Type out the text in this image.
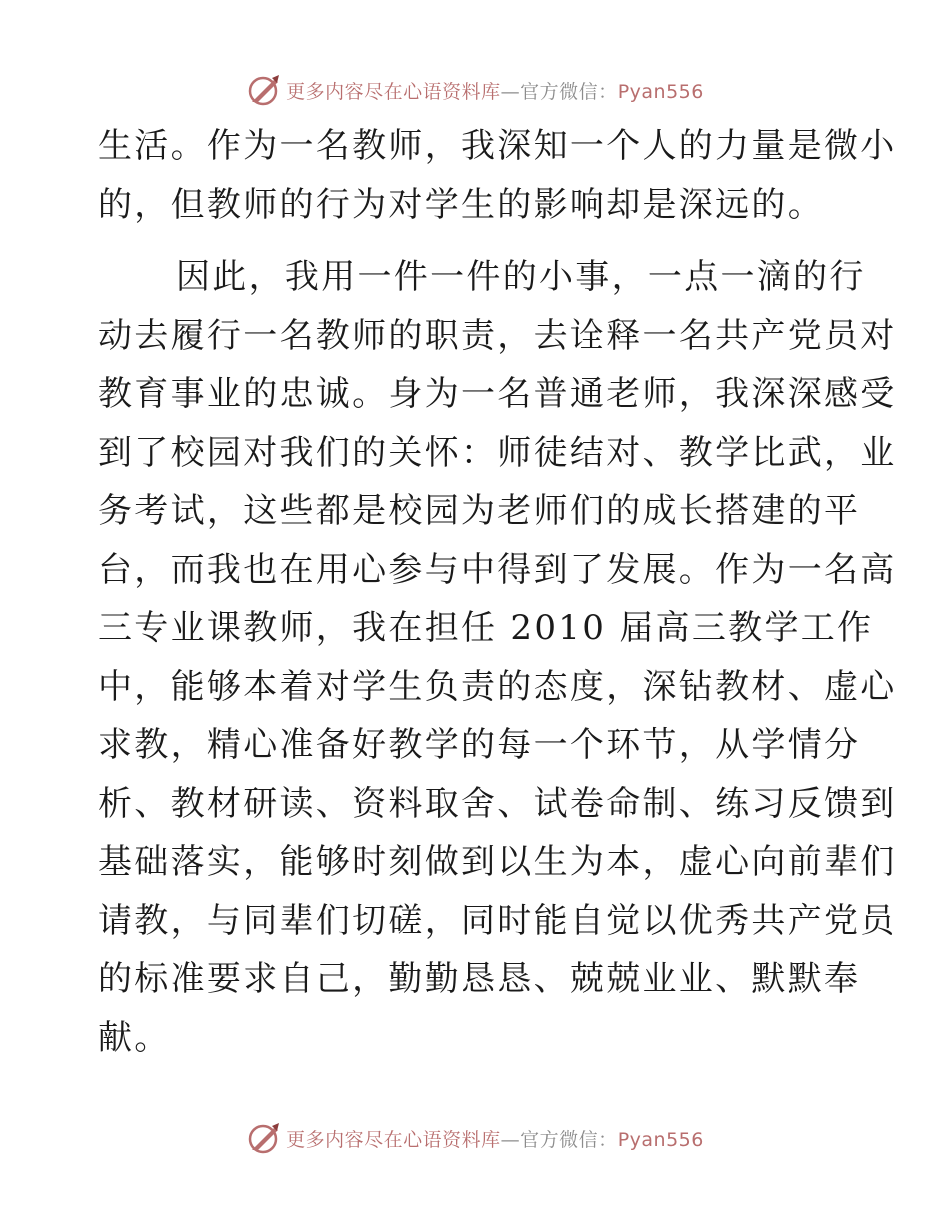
更多内容尽在心语资料库—官方微信：Pyan556
生活。作为一名教师，我深知一个人的力量是微小
的，但教师的行为对学生的影响却是深远的。
因此，我用一件一件的小事，一点一滴的行
动去履行一名教师的职责，去诠释一名共产党员对
教育事业的忠诚。身为一名普通老师，我深深感受
到了校园对我们的关怀：师徒结对、教学比武，业
务考试，这些都是校园为老师们的成长搭建的平
台，而我也在用心参与中得到了发展。作为一名高
三专业课教师，我在担任 2010 届高三教学工作
中，能够本着对学生负责的态度，深钻教材、虚心
求教，精心准备好教学的每一个环节，从学情分
析、教材研读、资料取舍、试卷命制、练习反馈到
基础落实，能够时刻做到以生为本，虚心向前辈们
请教，与同辈们切磋，同时能自觉以优秀共产党员
的标准要求自己，勤勤恳恳、兢兢业业、默默奉
献。
更多内容尽在心语资料库—官方微信：Pyan556
